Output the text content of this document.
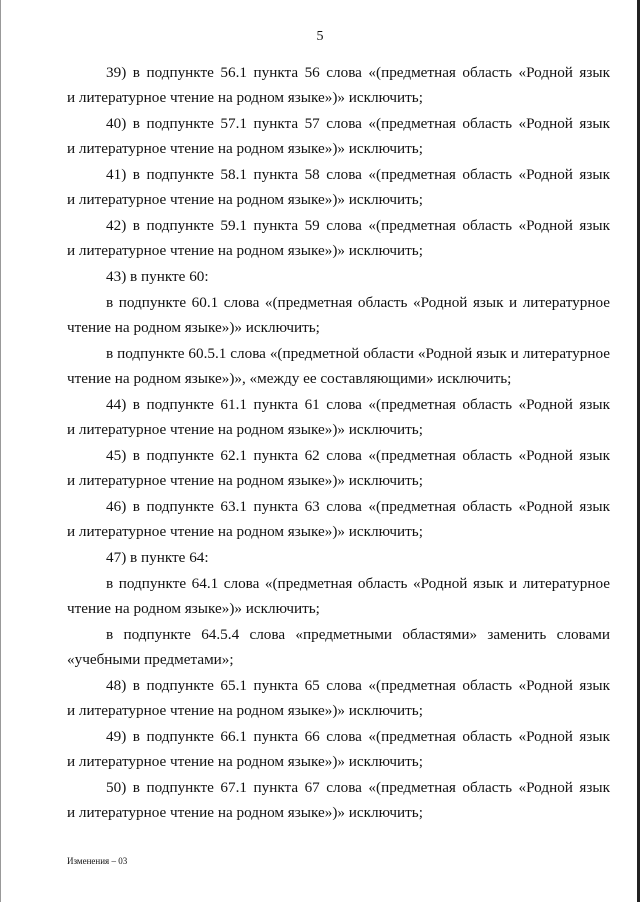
5

39) в подпункте 56.1 пункта 56 слова «(предметная область «Родной язык
и литературное чтение на родном языке»)» исключить;

40) в подпункте 57.1 пункта 57 слова «(предметная область «Родной язык
и литературное чтение на родном языке»)» исключить;

41) в подпункте 58.1 пункта 58 слова «(предметная область «Родной язык
и литературное чтение на родном языке»)» исключить;

42) в подпункте 59.1 пункта 59 слова «(предметная область «Родной язык
и литературное чтение на родном языке»)» исключить;

43) в пункте 60:

в подпункте 60.1 слова «(предметная область «Родной язык и литературное
чтение на родном языке»)» исключить;

в подпункте 60.5.1 слова «(предметной области «Родной язык и литературное
чтение на родном языке»)», «между ее составляющими» исключить;

44) в подпункте 61.1 пункта 61 слова «(предметная область «Родной язык
и литературное чтение на родном языке»)» исключить;

45) в подпункте 62.1 пункта 62 слова «(предметная область «Родной язык
и литературное чтение на родном языке»)» исключить;

46) в подпункте 63.1 пункта 63 слова «(предметная область «Родной язык
и литературное чтение на родном языке»)» исключить;

47) в пункте 64:

в подпункте 64.1 слова «(предметная область «Родной язык и литературное
чтение на родном языке»)» исключить;

в подпункте 64.5.4 слова «предметными областями» заменить словами
«учебными предметами»;

48) в подпункте 65.1 пункта 65 слова «(предметная область «Родной язык
и литературное чтение на родном языке»)» исключить;

49) в подпункте 66.1 пункта 66 слова «(предметная область «Родной язык
и литературное чтение на родном языке»)» исключить;

50) в подпункте 67.1 пункта 67 слова «(предметная область «Родной язык
и литературное чтение на родном языке»)» исключить;

Изменения – 03
